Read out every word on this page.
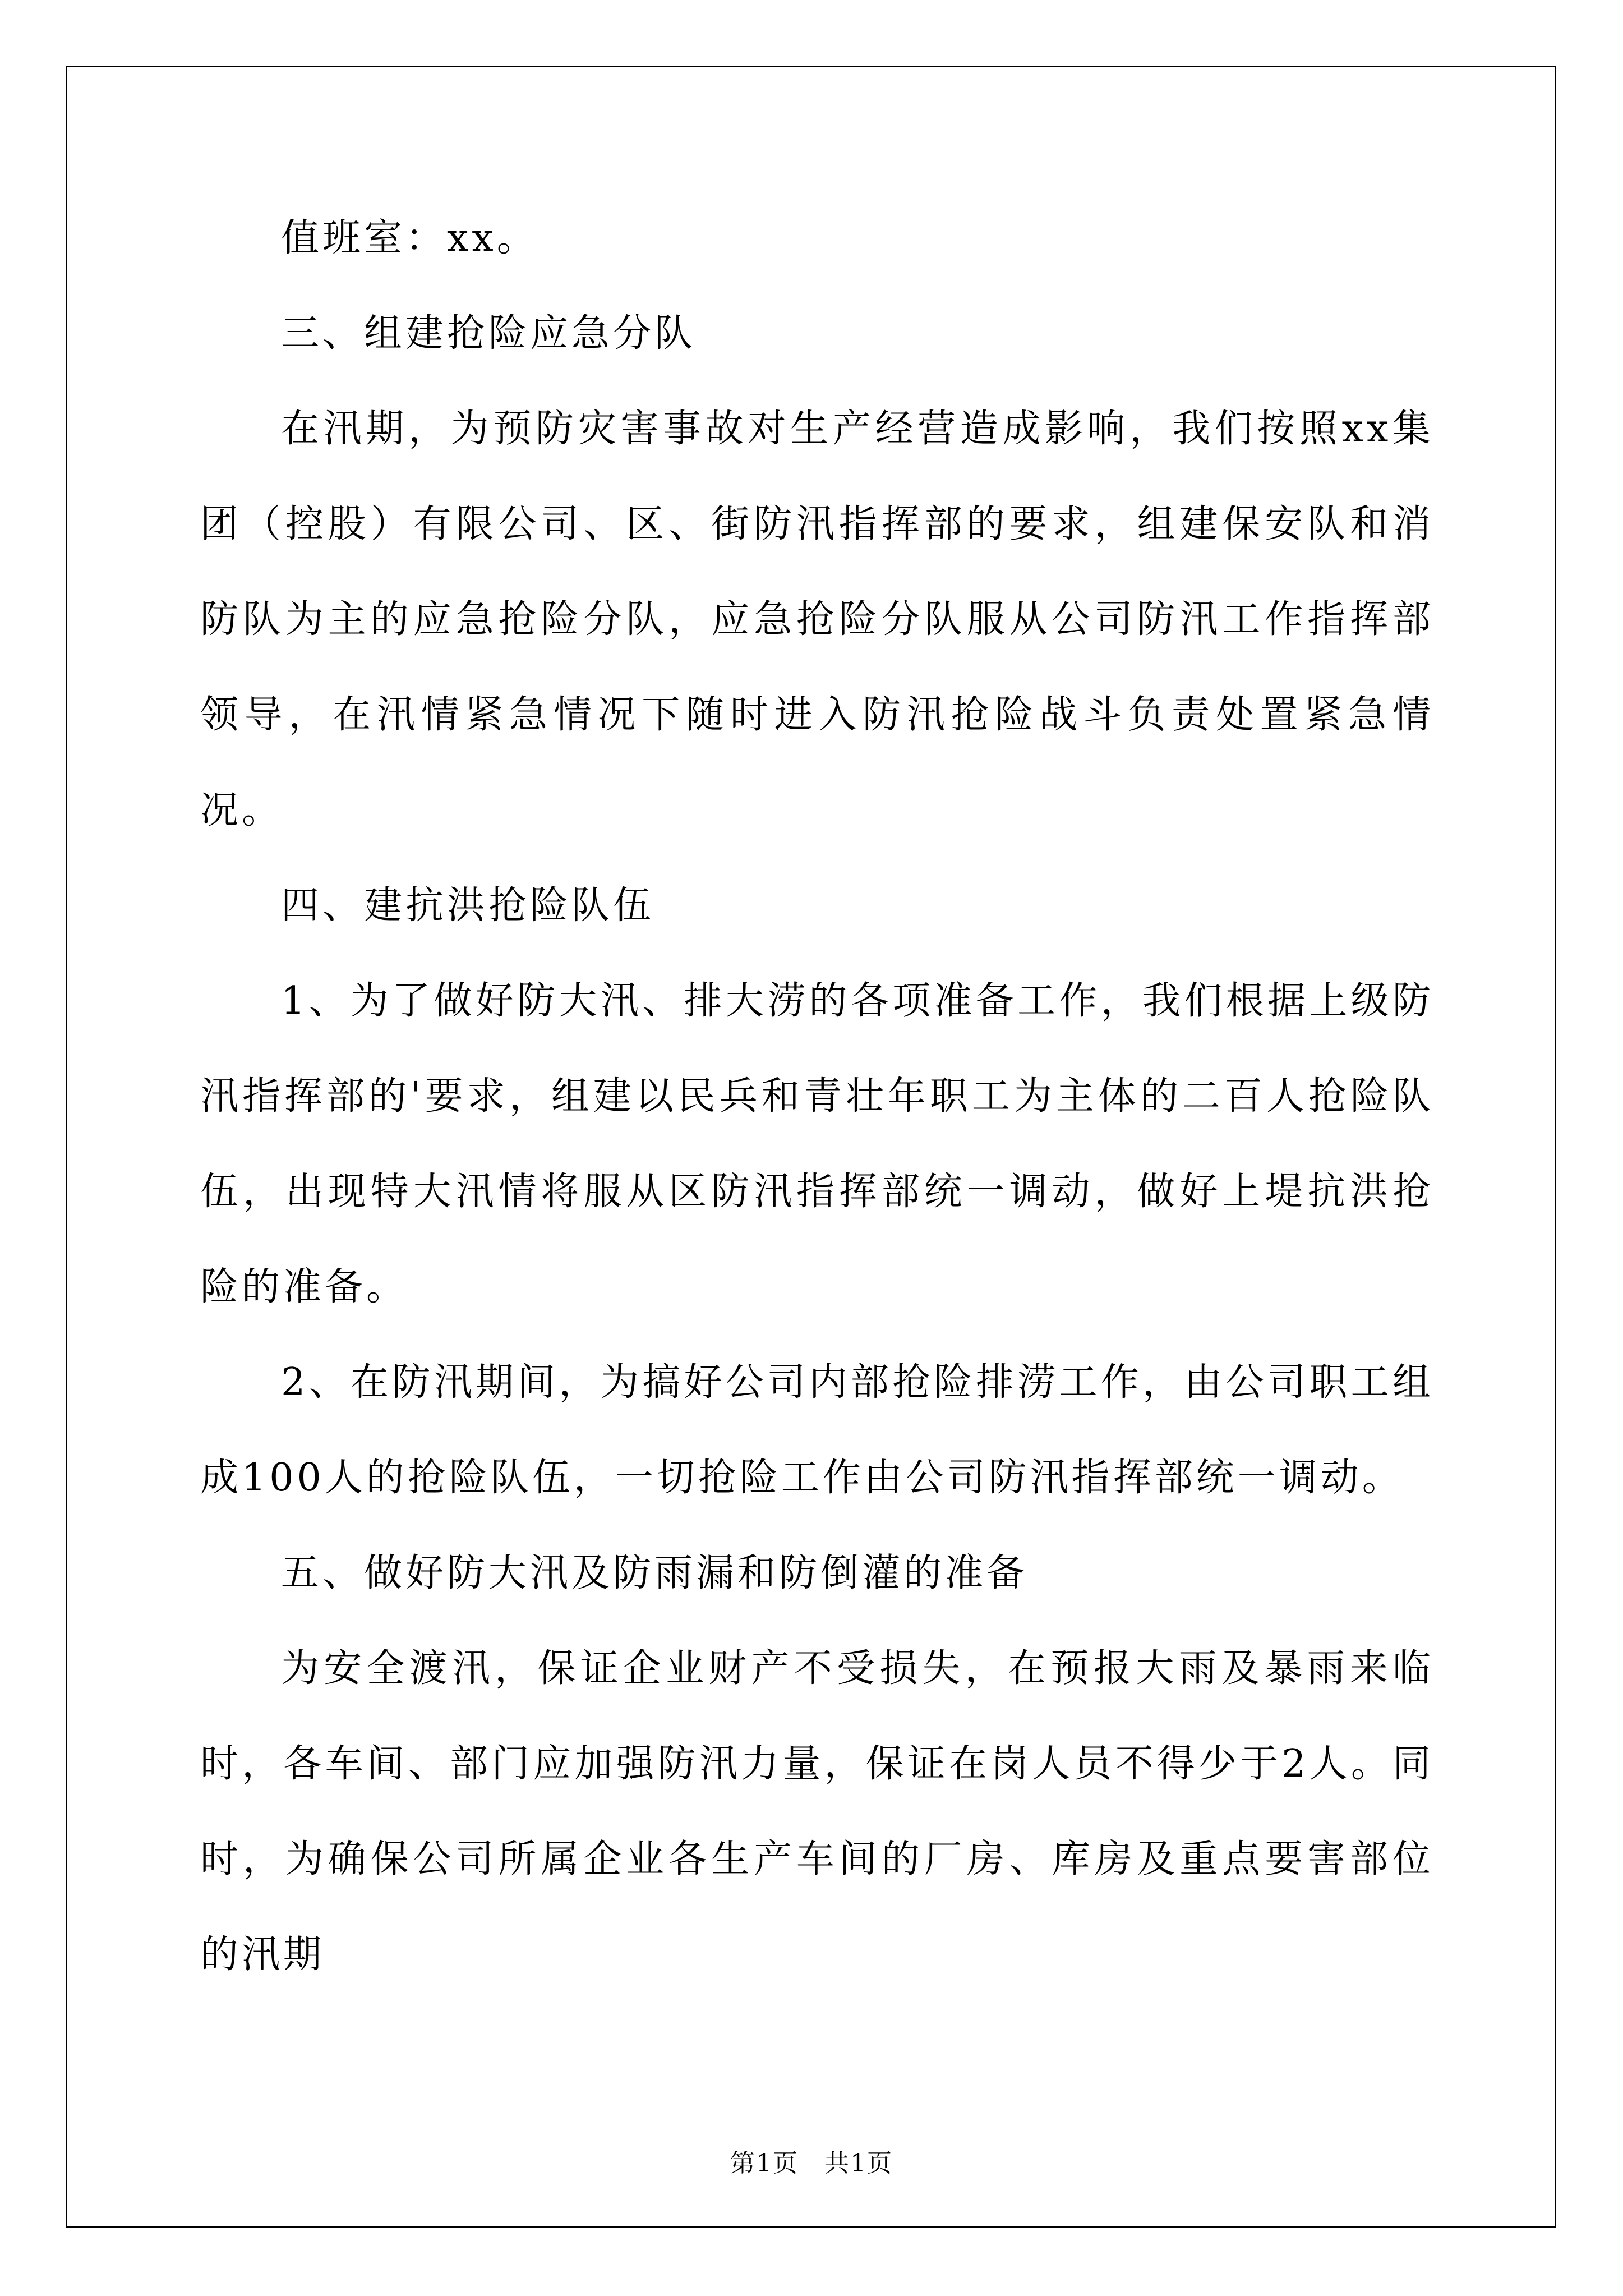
值班室：xx。

三、组建抢险应急分队

在汛期，为预防灾害事故对生产经营造成影响，我们按照xx集团（控股）有限公司、区、街防汛指挥部的要求，组建保安队和消防队为主的应急抢险分队，应急抢险分队服从公司防汛工作指挥部领导，在汛情紧急情况下随时进入防汛抢险战斗负责处置紧急情况。

四、建抗洪抢险队伍

1、为了做好防大汛、排大涝的各项准备工作，我们根据上级防汛指挥部的'要求，组建以民兵和青壮年职工为主体的二百人抢险队伍，出现特大汛情将服从区防汛指挥部统一调动，做好上堤抗洪抢险的准备。

2、在防汛期间，为搞好公司内部抢险排涝工作，由公司职工组成100人的抢险队伍，一切抢险工作由公司防汛指挥部统一调动。

五、做好防大汛及防雨漏和防倒灌的准备

为安全渡汛，保证企业财产不受损失，在预报大雨及暴雨来临时，各车间、部门应加强防汛力量，保证在岗人员不得少于2人。同时，为确保公司所属企业各生产车间的厂房、库房及重点要害部位的汛期

第1页　共1页
